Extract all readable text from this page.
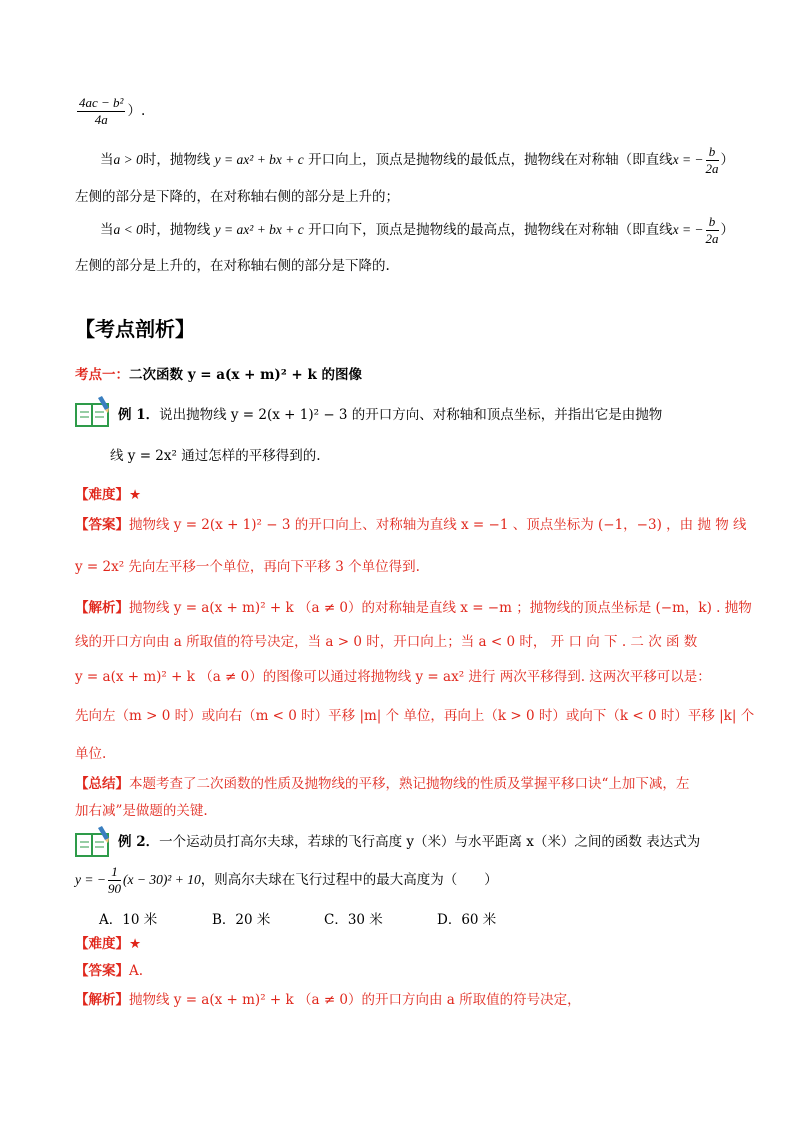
$\frac{\text{4ac − b²}}{4a}$ ）.
当a > 0时，抛物线 y = ax² + bx + c 开口向上，顶点是抛物线的最低点，抛物线在对称轴（即直线x = − $\frac{b}{2a}$ ）
左侧的部分是下降的，在对称轴右侧的部分是上升的；
当a < 0时，抛物线 y = ax² + bx + c 开口向下，顶点是抛物线的最高点，抛物线在对称轴（即直线x = − $\frac{b}{2a}$ ）
左侧的部分是上升的，在对称轴右侧的部分是下降的.
【考点剖析】
考点一：二次函数 y = a(x + m)² + k 的图像
例 1．说出抛物线 y = 2(x + 1)² − 3 的开口方向、对称轴和顶点坐标，并指出它是由抛物
线 y = 2x² 通过怎样的平移得到的.
【难度】★
【答案】抛物线 y = 2(x + 1)² − 3 的开口向上、对称轴为直线 x = −1 、顶点坐标为 (−1，−3) ，由 抛 物 线
y = 2x² 先向左平移一个单位，再向下平移 3 个单位得到.
【解析】抛物线 y = a(x + m)² + k （a ≠ 0）的对称轴是直线 x = −m ；抛物线的顶点坐标是 (−m，k) . 抛物
线的开口方向由 a 所取值的符号决定，当 a > 0 时，开口向上；当 a < 0 时， 开 口 向 下 . 二 次 函 数
y = a(x + m)² + k （a ≠ 0）的图像可以通过将抛物线 y = ax² 进行 两次平移得到. 这两次平移可以是：
先向左（m > 0 时）或向右（m < 0 时）平移 |m| 个 单位，再向上（k > 0 时）或向下（k < 0 时）平移 |k| 个
单位.
【总结】本题考查了二次函数的性质及抛物线的平移，熟记抛物线的性质及掌握平移口诀“上加下减，左
加右减”是做题的关键.
例 2．一个运动员打高尔夫球，若球的飞行高度 y（米）与水平距离 x（米）之间的函数 表达式为
y = − $\frac{1}{90} (x - 30)^2 + 10$，则高尔夫球在飞行过程中的最大高度为（　　）
A．10 米	B．20 米	C．30 米	D．60 米
【难度】★
【答案】A.
【解析】抛物线 y = a(x + m)² + k （a ≠ 0）的开口方向由 a 所取值的符号决定，
